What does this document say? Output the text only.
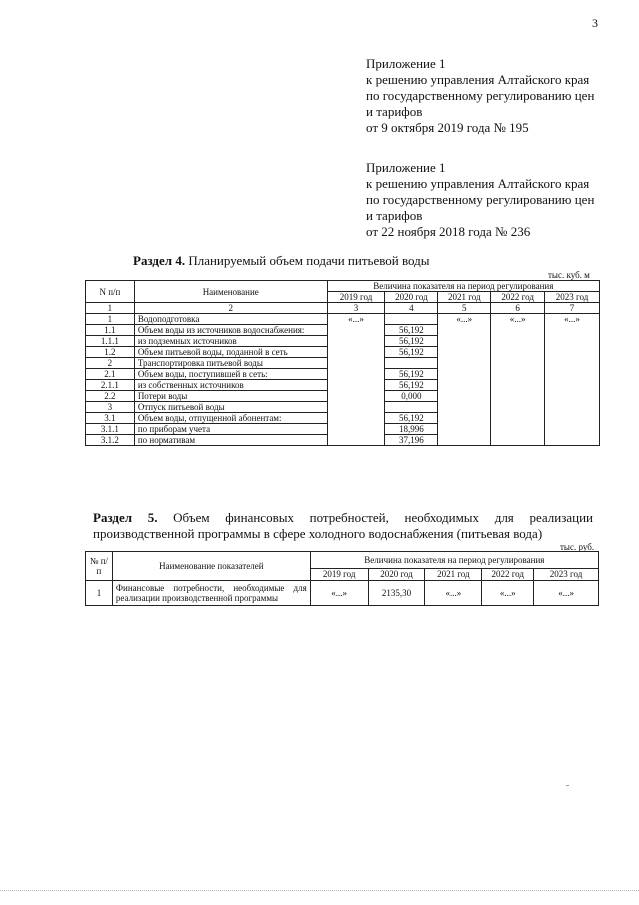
3
Приложение 1
к решению управления Алтайского края
по государственному регулированию цен
и тарифов
от 9 октября 2019 года № 195
Приложение 1
к решению управления Алтайского края
по государственному регулированию цен
и тарифов
от 22 ноября 2018 года № 236
Раздел 4. Планируемый объем подачи питьевой воды
тыс. куб. м
N п/п	Наименование	Величина показателя на период регулирования				
		2019 год	2020 год	2021 год	2022 год	2023 год
1	2	3	4	5	6	7
1	Водоподготовка	«...»		«...»	«...»	«...»
1.1	Объем воды из источников водоснабжения:		56,192			
1.1.1	из подземных источников		56,192			
1.2	Объем питьевой воды, поданной в сеть		56,192			
2	Транспортировка питьевой воды					
2.1	Объем воды, поступившей в сеть:		56,192			
2.1.1	из собственных источников		56,192			
2.2	Потери воды		0,000			
3	Отпуск питьевой воды					
3.1	Объем воды, отпущенной абонентам:		56,192			
3.1.1	по приборам учета		18,996			
3.1.2	по нормативам		37,196			
Раздел 5. Объем финансовых потребностей, необходимых для реализации
производственной программы в сфере холодного водоснабжения (питьевая вода)
тыс. руб.
№ п/п	Наименование показателей	Величина показателя на период регулирования				
		2019 год	2020 год	2021 год	2022 год	2023 год
1	Финансовые потребности, необходимые для
реализации производственной программы	«...»	2135,30	«...»	«...»	«...»
